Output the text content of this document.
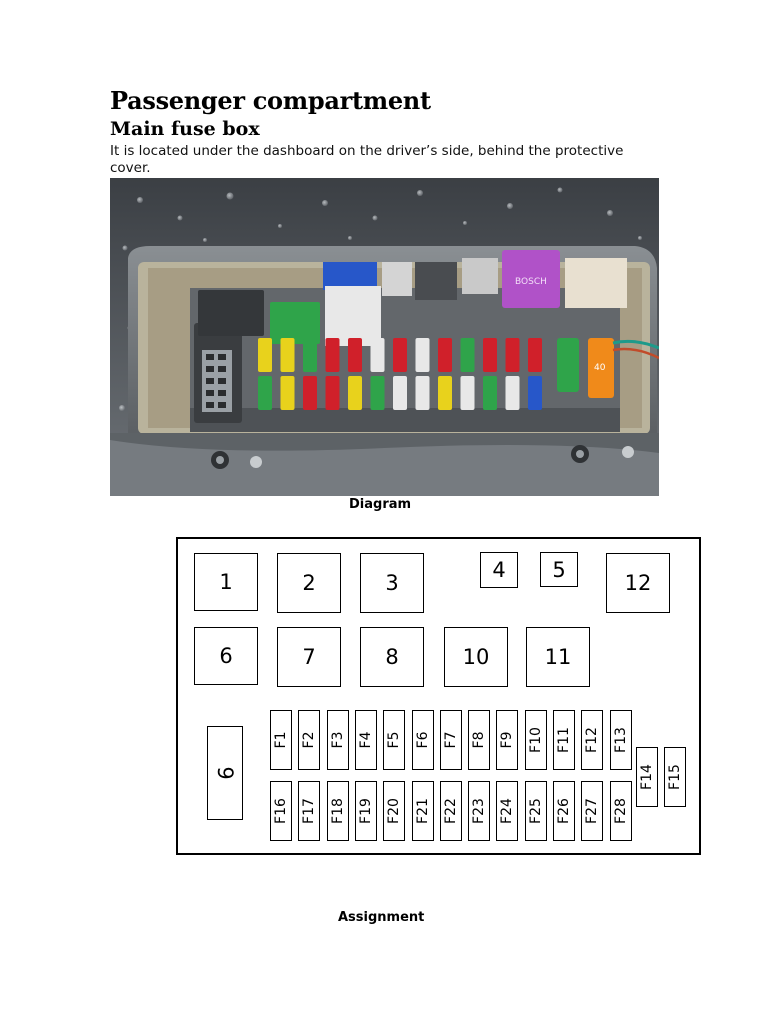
Passenger compartment
Main fuse box

It is located under the dashboard on the driver’s side, behind the protective cover.

BOSCH
40
Diagram
1	2	3
4	5
12
6	7	8	10	11
9
F1
F16
F2
F17
F3
F18
F4
F19
F5
F20
F6
F21
F7
F22
F8
F23
F9
F24
F10
F25
F11
F26
F12
F27
F13
F28
F14 F15
Assignment
